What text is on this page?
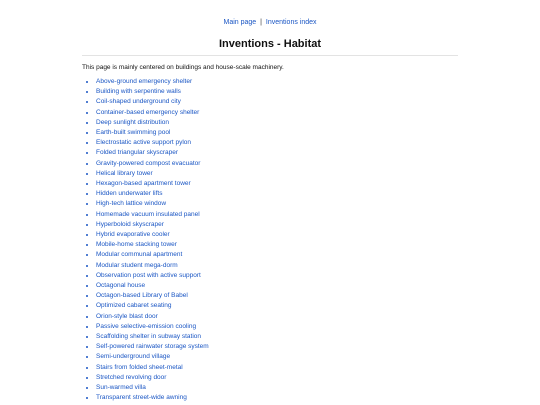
Main page | Inventions index
Inventions - Habitat

This page is mainly centered on buildings and house-scale machinery.

• Above-ground emergency shelter
• Building with serpentine walls
• Coil-shaped underground city
• Container-based emergency shelter
• Deep sunlight distribution
• Earth-built swimming pool
• Electrostatic active support pylon
• Folded triangular skyscraper
• Gravity-powered compost evacuator
• Helical library tower
• Hexagon-based apartment tower
• Hidden underwater lifts
• High-tech lattice window
• Homemade vacuum insulated panel
• Hyperboloid skyscraper
• Hybrid evaporative cooler
• Mobile-home stacking tower
• Modular communal apartment
• Modular student mega-dorm
• Observation post with active support
• Octagonal house
• Octagon-based Library of Babel
• Optimized cabaret seating
• Orion-style blast door
• Passive selective-emission cooling
• Scaffolding shelter in subway station
• Self-powered rainwater storage system
• Semi-underground village
• Stairs from folded sheet-metal
• Stretched revolving door
• Sun-warmed villa
• Transparent street-wide awning
